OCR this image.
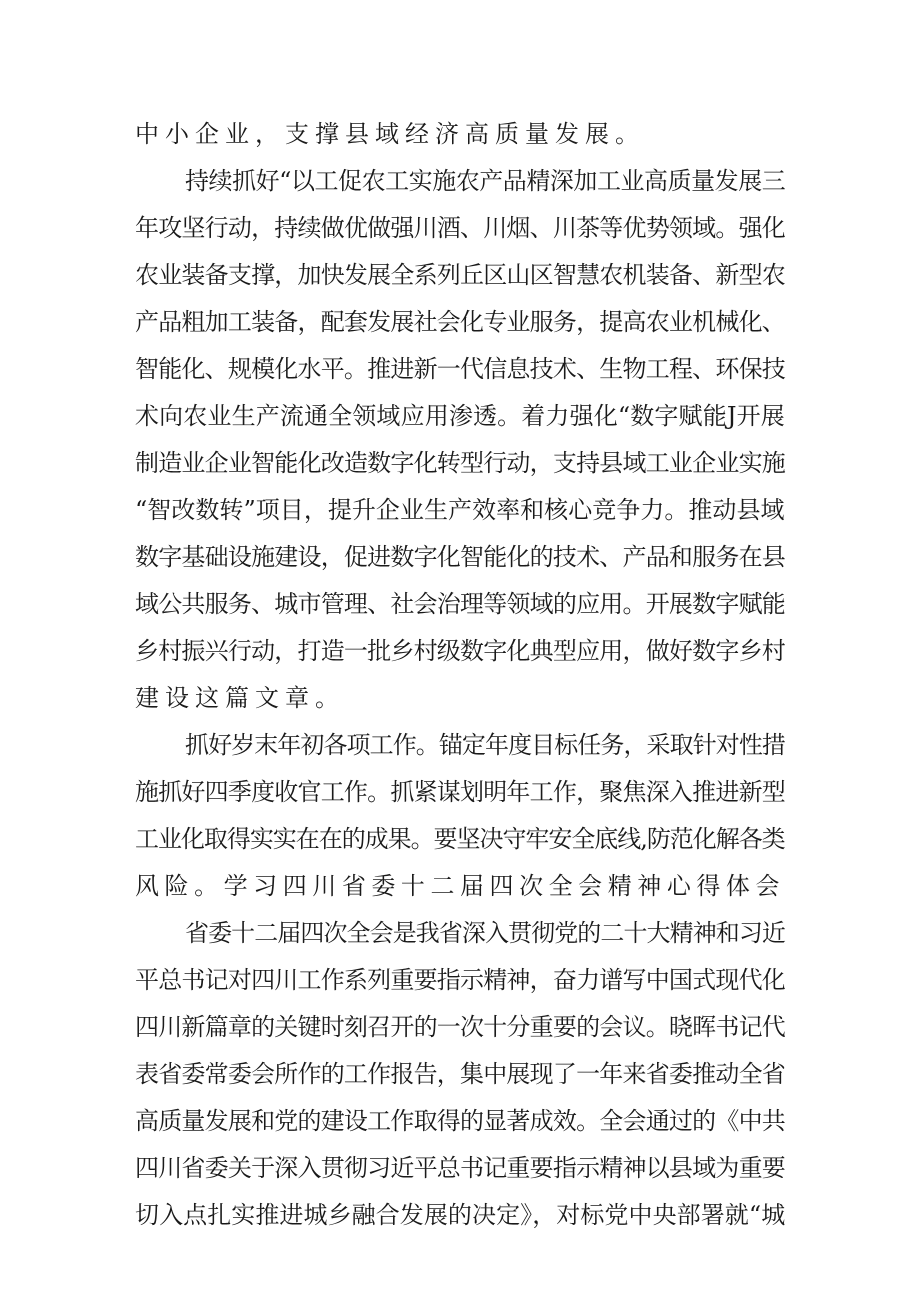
中小企业，支撑县域经济高质量发展。
持续抓好“以工促农工实施农产品精深加工业高质量发展三
年攻坚行动，持续做优做强川酒、川烟、川茶等优势领域。强化
农业装备支撑，加快发展全系列丘区山区智慧农机装备、新型农
产品粗加工装备，配套发展社会化专业服务，提高农业机械化、
智能化、规模化水平。推进新一代信息技术、生物工程、环保技
术向农业生产流通全领域应用渗透。着力强化“数字赋能J开展
制造业企业智能化改造数字化转型行动，支持县域工业企业实施
“智改数转”项目，提升企业生产效率和核心竞争力。推动县域
数字基础设施建设，促进数字化智能化的技术、产品和服务在县
域公共服务、城市管理、社会治理等领域的应用。开展数字赋能
乡村振兴行动，打造一批乡村级数字化典型应用，做好数字乡村
建设这篇文章。
抓好岁末年初各项工作。锚定年度目标任务，采取针对性措
施抓好四季度收官工作。抓紧谋划明年工作，聚焦深入推进新型
工业化取得实实在在的成果。要坚决守牢安全底线,防范化解各类
风险。学习四川省委十二届四次全会精神心得体会
省委十二届四次全会是我省深入贯彻党的二十大精神和习近
平总书记对四川工作系列重要指示精神，奋力谱写中国式现代化
四川新篇章的关键时刻召开的一次十分重要的会议。晓晖书记代
表省委常委会所作的工作报告，集中展现了一年来省委推动全省
高质量发展和党的建设工作取得的显著成效。全会通过的《中共
四川省委关于深入贯彻习近平总书记重要指示精神以县域为重要
切入点扎实推进城乡融合发展的决定》，对标党中央部署就“城
